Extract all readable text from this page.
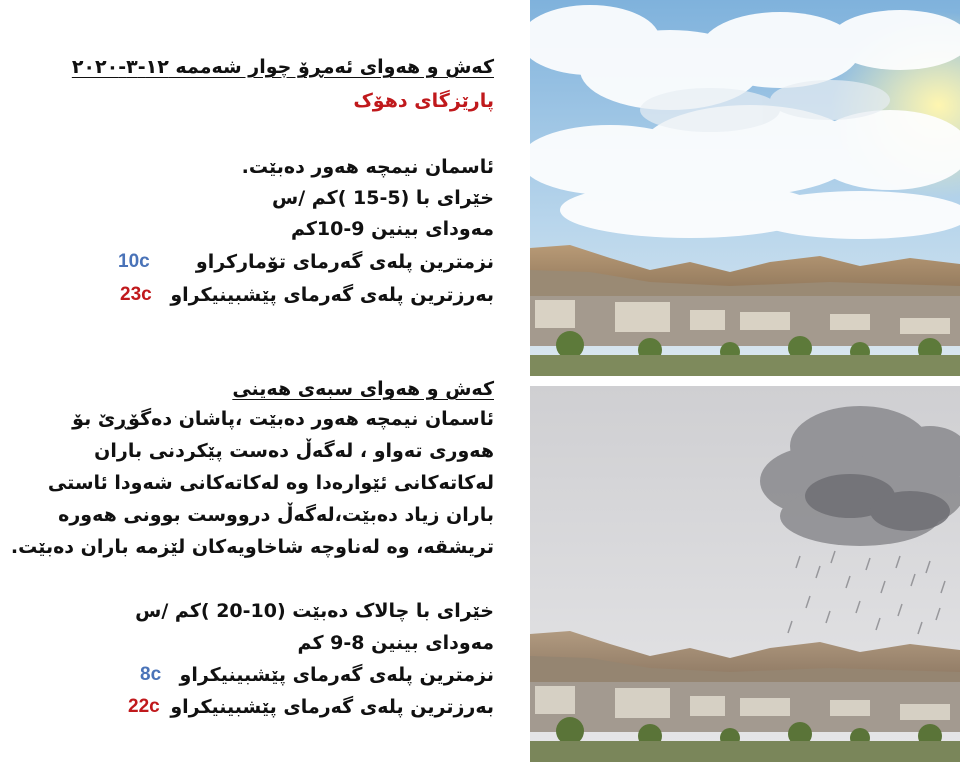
کەش و هەوای ئەمڕۆ چوار شەممە ١٢-٣-٢٠٢٠
پارێزگای دهۆک
ئاسمان نیمچە هەور دەبێت.
خێرای با (5-15 )کم /س
مەودای بینین 9-10کم
نزمترین پلەی گەرمای تۆمارکراو
10c
بەرزترین پلەی گەرمای پێشبینیکراو
23c
کەش و هەوای سبەی هەینی
ئاسمان نیمچە هەور دەبێت ،پاشان دەگۆڕێ بۆ
هەوری تەواو ، لەگەڵ دەست پێکردنی باران
لەکاتەکانی ئێوارەدا وە لەکاتەکانی شەودا ئاستی
باران زیاد دەبێت،لەگەڵ درووست بوونی هەورە
تریشقە، وە لەناوچە شاخاویەکان لێزمە باران دەبێت.
خێرای با چالاک دەبێت (10-20 )کم /س
مەودای بینین 8-9 کم
نزمترین پلەی گەرمای پێشبینیکراو
8c
بەرزترین پلەی گەرمای پێشبینیکراو
22c
